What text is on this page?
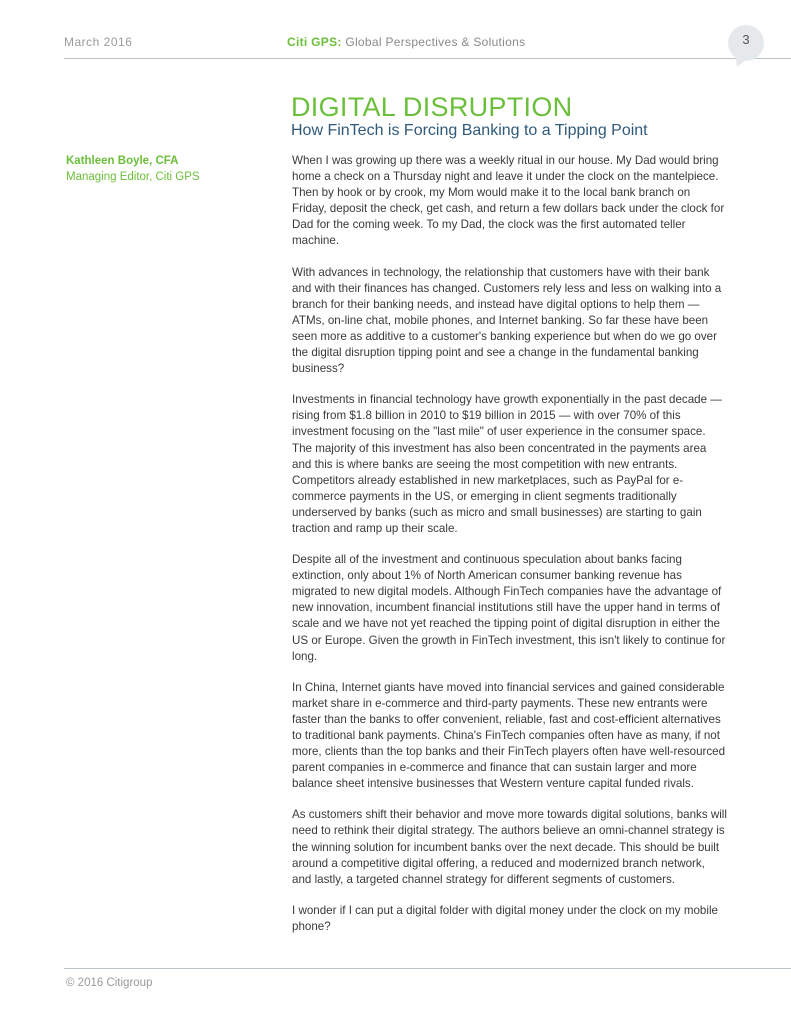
March 2016	Citi GPS: Global Perspectives & Solutions	3
DIGITAL DISRUPTION
How FinTech is Forcing Banking to a Tipping Point
Kathleen Boyle, CFA
Managing Editor, Citi GPS

When I was growing up there was a weekly ritual in our house. My Dad would bring home a check on a Thursday night and leave it under the clock on the mantelpiece. Then by hook or by crook, my Mom would make it to the local bank branch on Friday, deposit the check, get cash, and return a few dollars back under the clock for Dad for the coming week. To my Dad, the clock was the first automated teller machine.

With advances in technology, the relationship that customers have with their bank and with their finances has changed. Customers rely less and less on walking into a branch for their banking needs, and instead have digital options to help them — ATMs, on-line chat, mobile phones, and Internet banking. So far these have been seen more as additive to a customer's banking experience but when do we go over the digital disruption tipping point and see a change in the fundamental banking business?

Investments in financial technology have growth exponentially in the past decade — rising from $1.8 billion in 2010 to $19 billion in 2015 — with over 70% of this investment focusing on the "last mile" of user experience in the consumer space. The majority of this investment has also been concentrated in the payments area and this is where banks are seeing the most competition with new entrants. Competitors already established in new marketplaces, such as PayPal for e-commerce payments in the US, or emerging in client segments traditionally underserved by banks (such as micro and small businesses) are starting to gain traction and ramp up their scale.

Despite all of the investment and continuous speculation about banks facing extinction, only about 1% of North American consumer banking revenue has migrated to new digital models. Although FinTech companies have the advantage of new innovation, incumbent financial institutions still have the upper hand in terms of scale and we have not yet reached the tipping point of digital disruption in either the US or Europe. Given the growth in FinTech investment, this isn't likely to continue for long.

In China, Internet giants have moved into financial services and gained considerable market share in e-commerce and third-party payments. These new entrants were faster than the banks to offer convenient, reliable, fast and cost-efficient alternatives to traditional bank payments. China's FinTech companies often have as many, if not more, clients than the top banks and their FinTech players often have well-resourced parent companies in e-commerce and finance that can sustain larger and more balance sheet intensive businesses that Western venture capital funded rivals.

As customers shift their behavior and move more towards digital solutions, banks will need to rethink their digital strategy. The authors believe an omni-channel strategy is the winning solution for incumbent banks over the next decade. This should be built around a competitive digital offering, a reduced and modernized branch network, and lastly, a targeted channel strategy for different segments of customers.

I wonder if I can put a digital folder with digital money under the clock on my mobile phone?

© 2016 Citigroup
